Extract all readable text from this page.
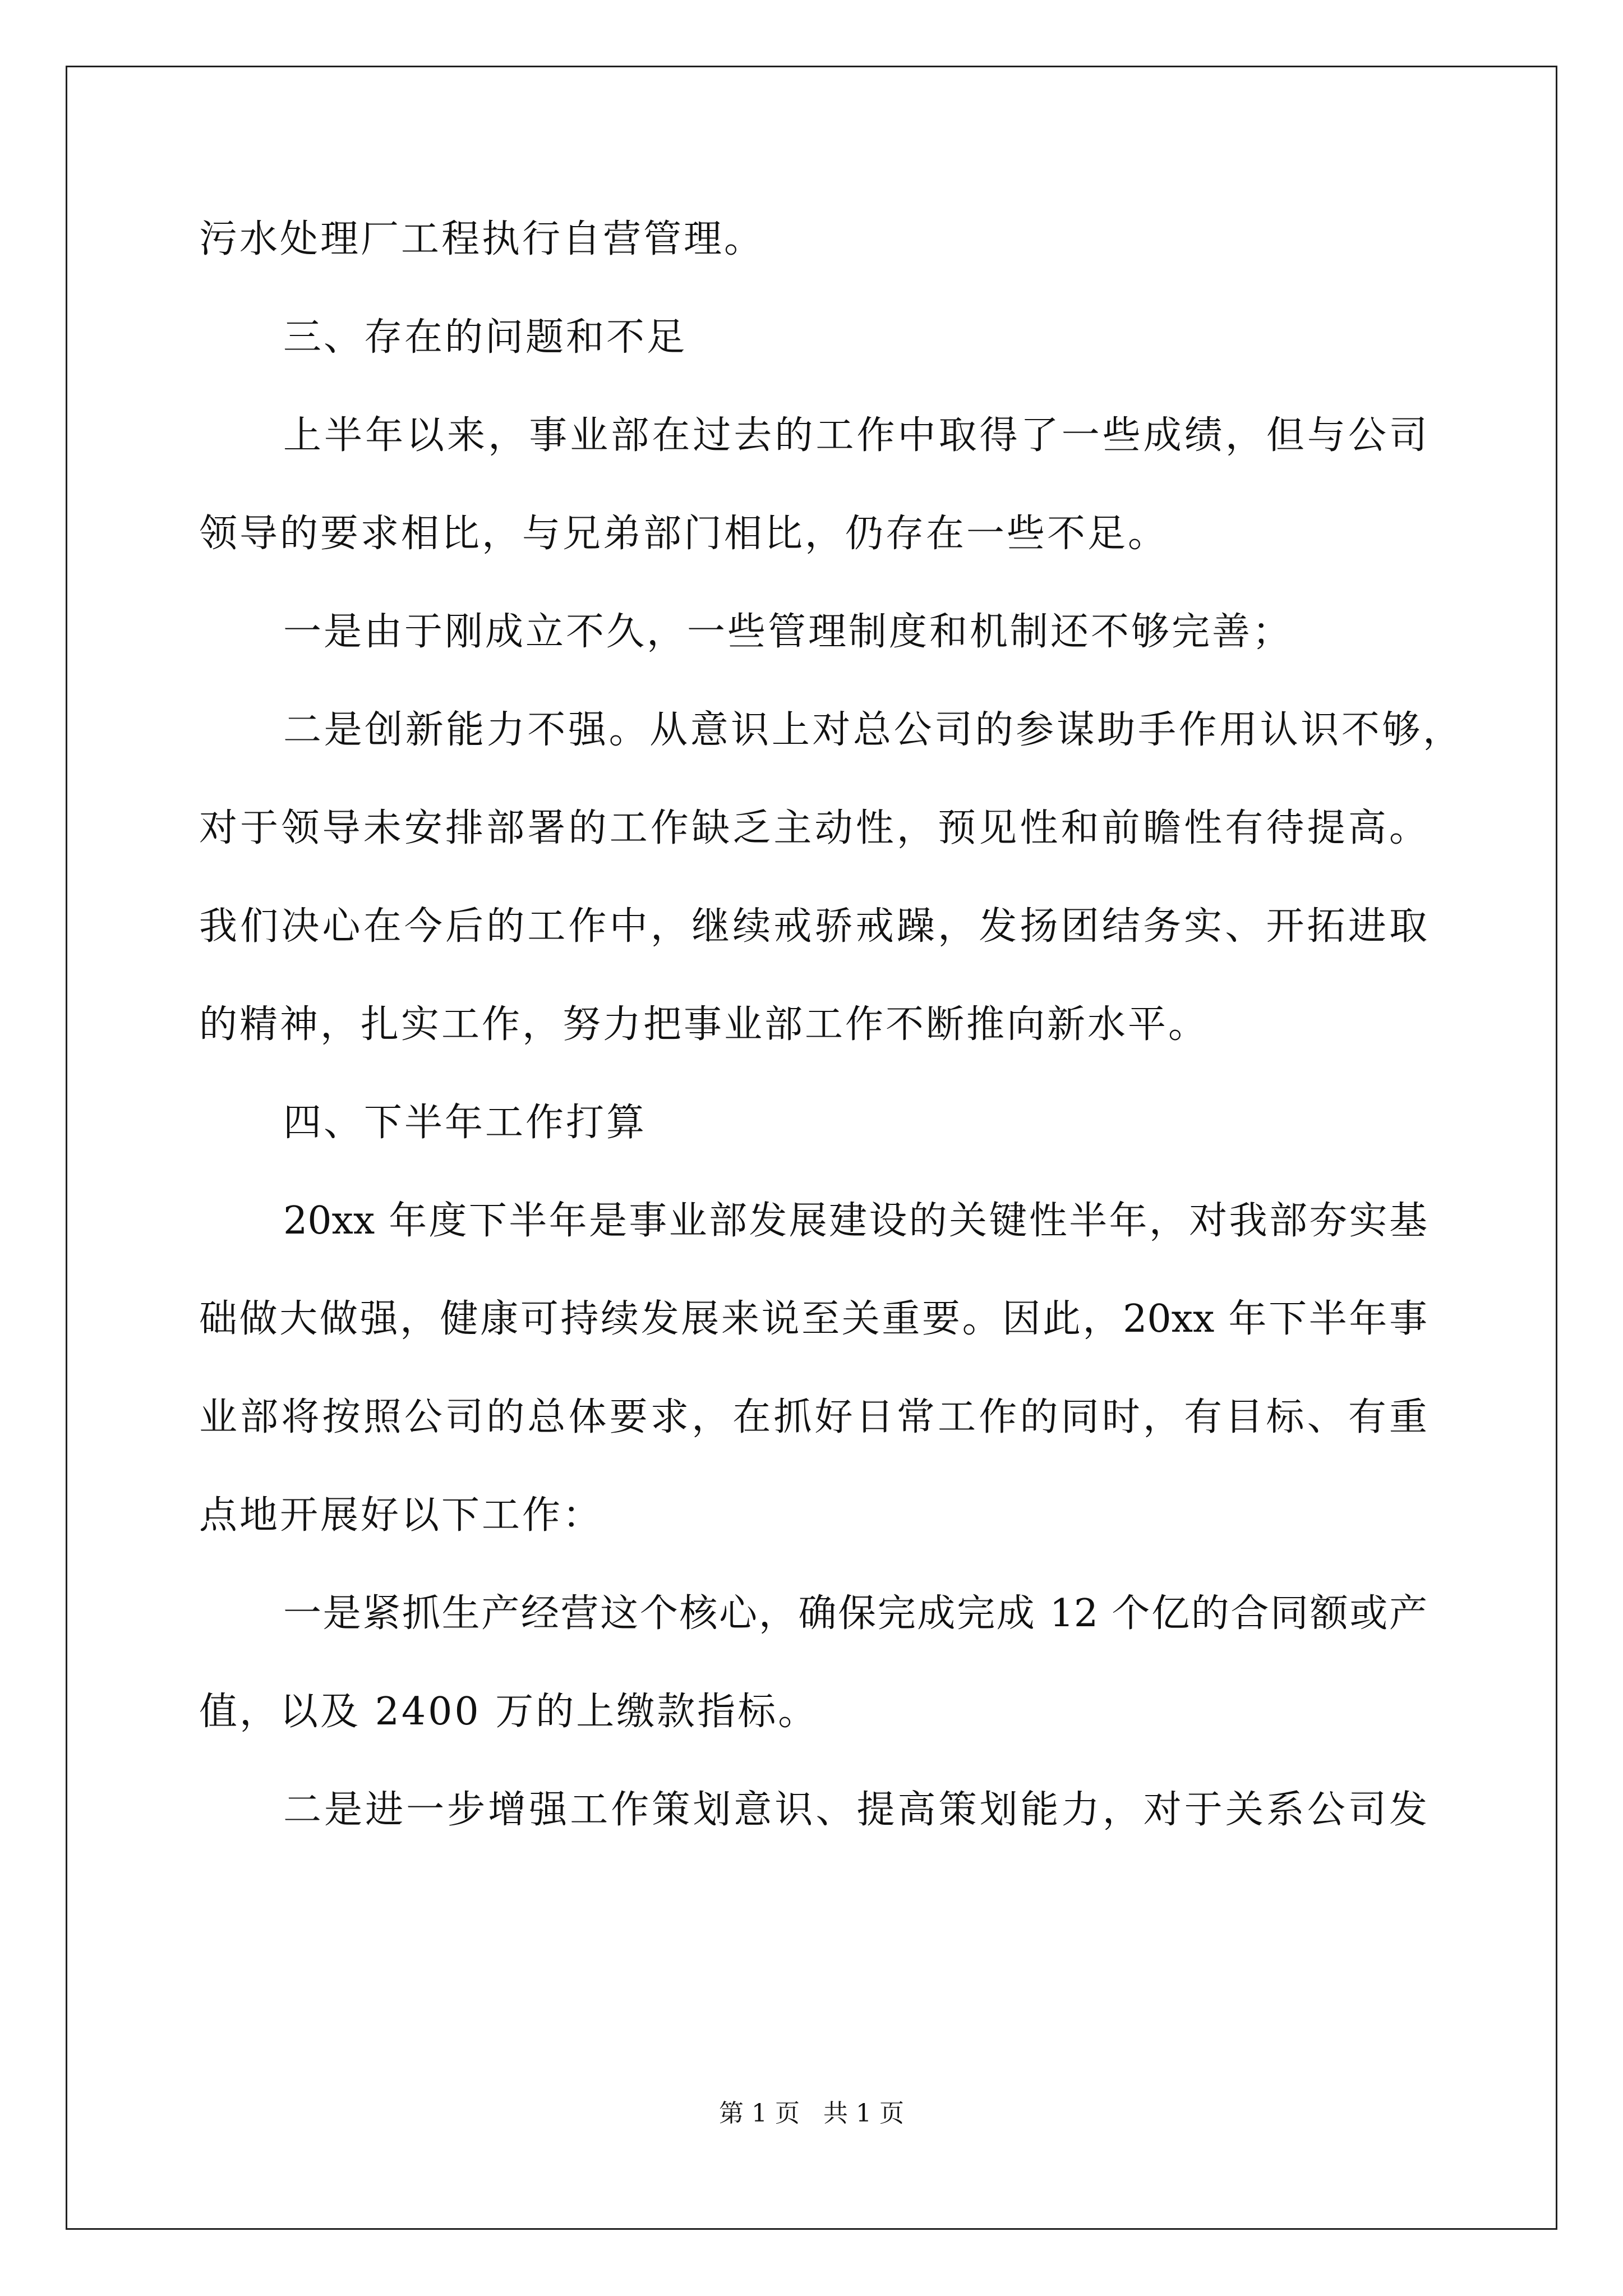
污水处理厂工程执行自营管理。
三、存在的问题和不足
上半年以来，事业部在过去的工作中取得了一些成绩，但与公司
领导的要求相比，与兄弟部门相比，仍存在一些不足。
一是由于刚成立不久，一些管理制度和机制还不够完善；
二是创新能力不强。从意识上对总公司的参谋助手作用认识不够，
对于领导未安排部署的工作缺乏主动性，预见性和前瞻性有待提高。
我们决心在今后的工作中，继续戒骄戒躁，发扬团结务实、开拓进取
的精神，扎实工作，努力把事业部工作不断推向新水平。
四、下半年工作打算
20xx 年度下半年是事业部发展建设的关键性半年，对我部夯实基
础做大做强，健康可持续发展来说至关重要。因此，20xx 年下半年事
业部将按照公司的总体要求，在抓好日常工作的同时，有目标、有重
点地开展好以下工作：
一是紧抓生产经营这个核心，确保完成完成 12 个亿的合同额或产
值，以及 2400 万的上缴款指标。
二是进一步增强工作策划意识、提高策划能力，对于关系公司发
第 1 页   共 1 页
